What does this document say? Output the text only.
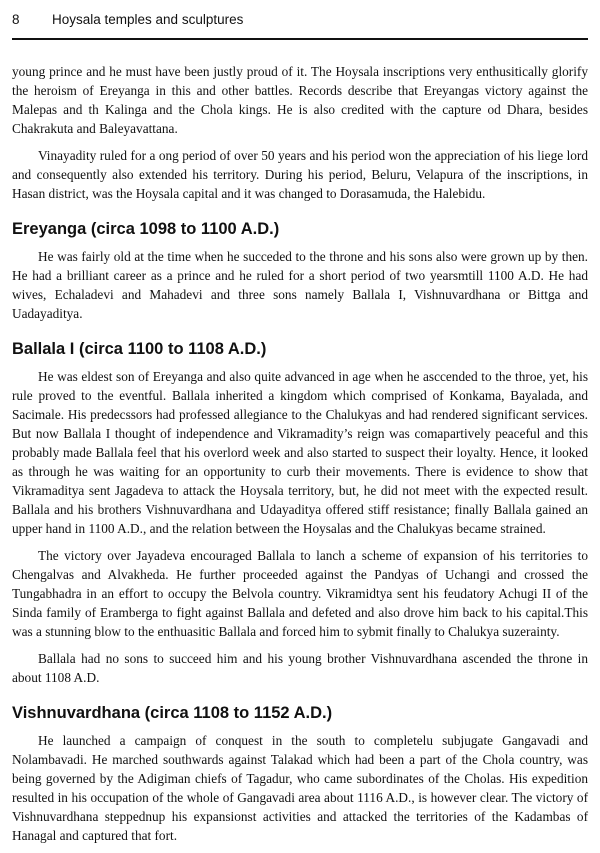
8	Hoysala temples and sculptures

young prince and he must have been justly proud of it. The Hoysala inscriptions very enthusitically glorify the heroism of Ereyanga in this and other battles. Records describe that Ereyangas victory against the Malepas and th Kalinga and the Chola kings. He is also credited with the capture od Dhara, besides Chakrakuta and Baleyavattana.

Vinayadity ruled for a ong period of over 50 years and his period won the appreciation of his liege lord and consequently also extended his territory. During his period, Beluru, Velapura of the inscriptions, in Hasan district, was the Hoysala capital and it was changed to Dorasamuda, the Halebidu.

Ereyanga (circa 1098 to 1100 A.D.)

He was fairly old at the time when he succeded to the throne and his sons also were grown up by then. He had a brilliant career as a prince and he ruled for a short period of two yearsmtill 1100 A.D. He had wives, Echaladevi and Mahadevi and three sons namely Ballala I, Vishnuvardhana or Bittga and Uadayaditya.

Ballala I (circa 1100 to 1108 A.D.)

He was eldest son of Ereyanga and also quite advanced in age when he asccended to the throe, yet, his rule proved to the eventful. Ballala inherited a kingdom which comprised of Konkama, Bayalada, and Sacimale. His predecssors had professed allegiance to the Chalukyas and had rendered significant services. But now Ballala I thought of independence and Vikramadity’s reign was comapartively peaceful and this probably made Ballala feel that his overlord week and also started to suspect their loyalty. Hence, it looked as through he was waiting for an opportunity to curb their movements. There is evidence to show that Vikramaditya sent Jagadeva to attack the Hoysala territory, but, he did not meet with the expected result. Ballala and his brothers Vishnuvardhana and Udayaditya offered stiff resistance; finally Ballala gained an upper hand in 1100 A.D., and the relation between the Hoysalas and the Chalukyas became strained.

The victory over Jayadeva encouraged Ballala to lanch a scheme of expansion of his territories to Chengalvas and Alvakheda. He further proceeded against the Pandyas of Uchangi and crossed the Tungabhadra in an effort to occupy the Belvola country. Vikramidtya sent his feudatory Achugi II of the Sinda family of Eramberga to fight against Ballala and defeted and also drove him back to his capital.This was a stunning blow to the enthuasitic Ballala and forced him to sybmit finally to Chalukya suzerainty.

Ballala had no sons to succeed him and his young brother Vishnuvardhana ascended the throne in about 1108 A.D.

Vishnuvardhana (circa 1108 to 1152 A.D.)

He launched a campaign of conquest in the south to completelu subjugate Gangavadi and Nolambavadi. He marched southwards against Talakad which had been a part of the Chola country, was being governed by the Adigiman chiefs of Tagadur, who came subordinates of the Cholas. His expedition resulted in his occupation of the whole of Gangavadi area about 1116 A.D., is however clear. The victory of Vishnuvardhana steppednup his expansionst activities and attacked the territories of the Kadambas of Hanagal and captured that fort.
